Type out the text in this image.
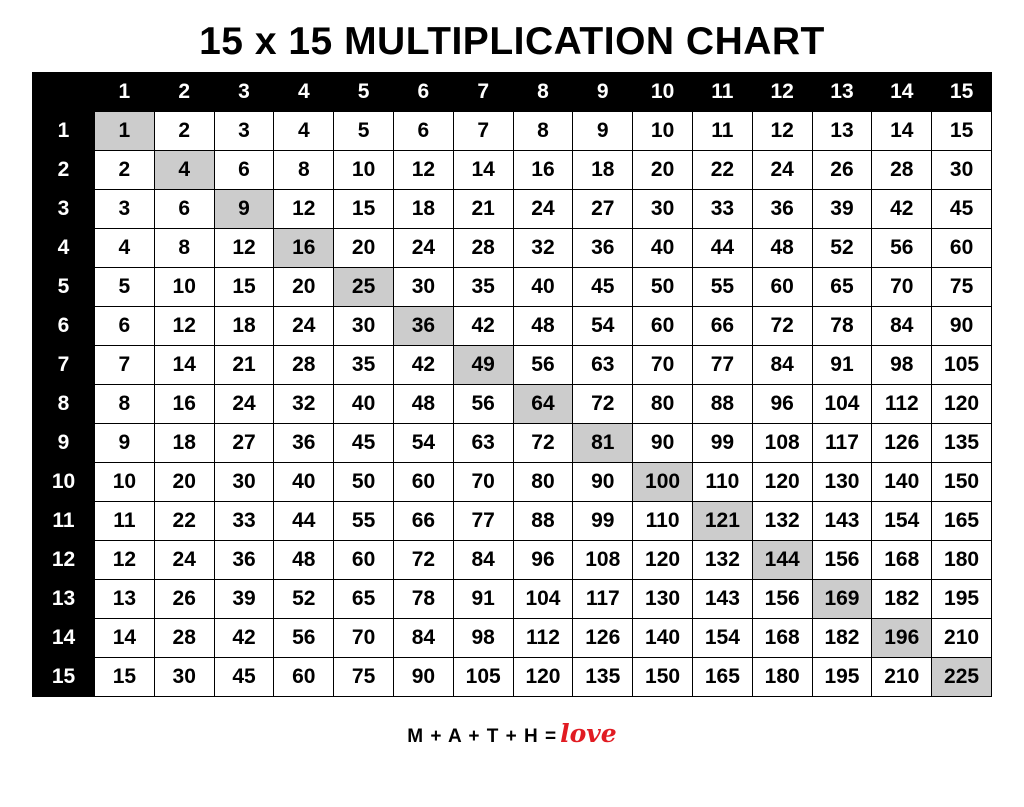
15 x 15 MULTIPLICATION CHART
	1	2	3	4	5	6	7	8	9	10	11	12	13	14	15
1	1	2	3	4	5	6	7	8	9	10	11	12	13	14	15
2	2	4	6	8	10	12	14	16	18	20	22	24	26	28	30
3	3	6	9	12	15	18	21	24	27	30	33	36	39	42	45
4	4	8	12	16	20	24	28	32	36	40	44	48	52	56	60
5	5	10	15	20	25	30	35	40	45	50	55	60	65	70	75
6	6	12	18	24	30	36	42	48	54	60	66	72	78	84	90
7	7	14	21	28	35	42	49	56	63	70	77	84	91	98	105
8	8	16	24	32	40	48	56	64	72	80	88	96	104	112	120
9	9	18	27	36	45	54	63	72	81	90	99	108	117	126	135
10	10	20	30	40	50	60	70	80	90	100	110	120	130	140	150
11	11	22	33	44	55	66	77	88	99	110	121	132	143	154	165
12	12	24	36	48	60	72	84	96	108	120	132	144	156	168	180
13	13	26	39	52	65	78	91	104	117	130	143	156	169	182	195
14	14	28	42	56	70	84	98	112	126	140	154	168	182	196	210
15	15	30	45	60	75	90	105	120	135	150	165	180	195	210	225
M + A + T + H = love
